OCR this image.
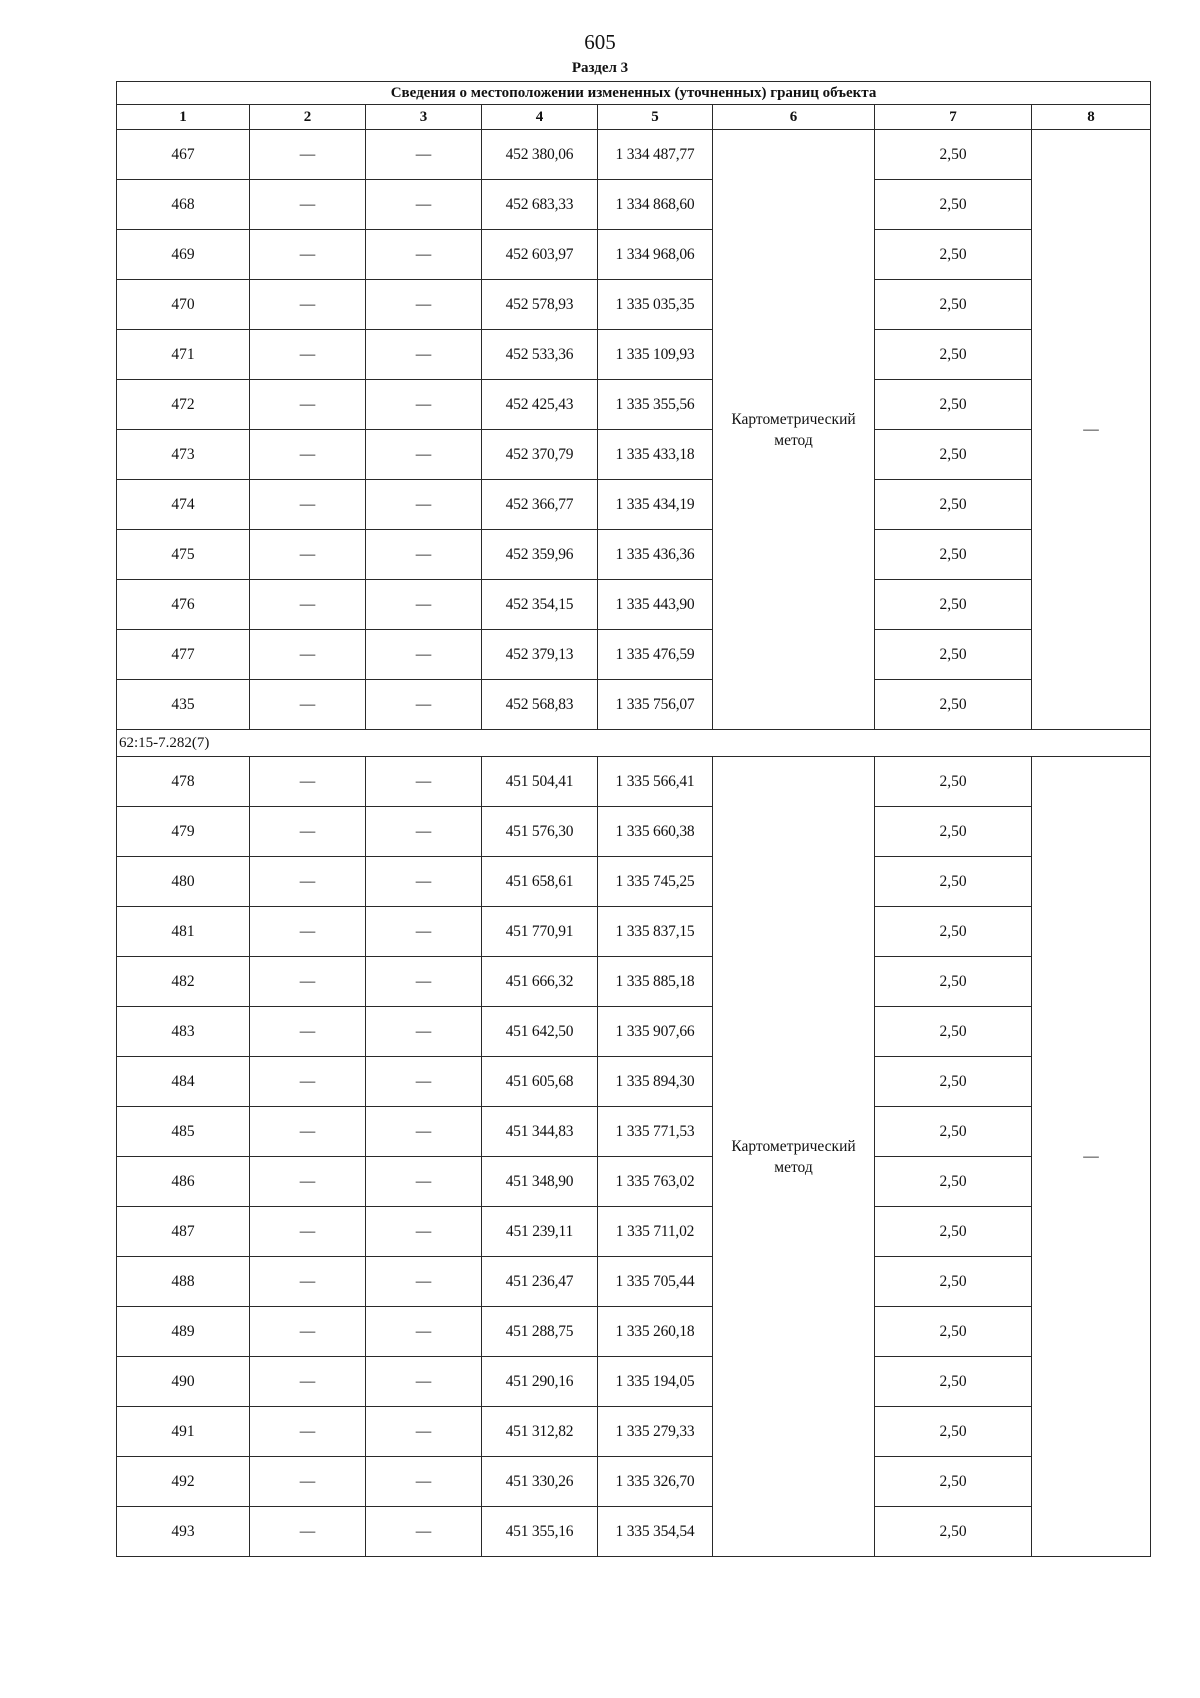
605
Раздел 3
Сведения о местоположении измененных (уточненных) границ объекта							
1	2	3	4	5	6	7	8
467	—	—	452 380,06	1 334 487,77	Картометрический метод	2,50	—
468	—	—	452 683,33	1 334 868,60		2,50	
469	—	—	452 603,97	1 334 968,06		2,50	
470	—	—	452 578,93	1 335 035,35		2,50	
471	—	—	452 533,36	1 335 109,93		2,50	
472	—	—	452 425,43	1 335 355,56		2,50	
473	—	—	452 370,79	1 335 433,18		2,50	
474	—	—	452 366,77	1 335 434,19		2,50	
475	—	—	452 359,96	1 335 436,36		2,50	
476	—	—	452 354,15	1 335 443,90		2,50	
477	—	—	452 379,13	1 335 476,59		2,50	
435	—	—	452 568,83	1 335 756,07		2,50	
62:15-7.282(7)							
478	—	—	451 504,41	1 335 566,41	Картометрический метод	2,50	—
479	—	—	451 576,30	1 335 660,38		2,50	
480	—	—	451 658,61	1 335 745,25		2,50	
481	—	—	451 770,91	1 335 837,15		2,50	
482	—	—	451 666,32	1 335 885,18		2,50	
483	—	—	451 642,50	1 335 907,66		2,50	
484	—	—	451 605,68	1 335 894,30		2,50	
485	—	—	451 344,83	1 335 771,53		2,50	
486	—	—	451 348,90	1 335 763,02		2,50	
487	—	—	451 239,11	1 335 711,02		2,50	
488	—	—	451 236,47	1 335 705,44		2,50	
489	—	—	451 288,75	1 335 260,18		2,50	
490	—	—	451 290,16	1 335 194,05		2,50	
491	—	—	451 312,82	1 335 279,33		2,50	
492	—	—	451 330,26	1 335 326,70		2,50	
493	—	—	451 355,16	1 335 354,54		2,50	
